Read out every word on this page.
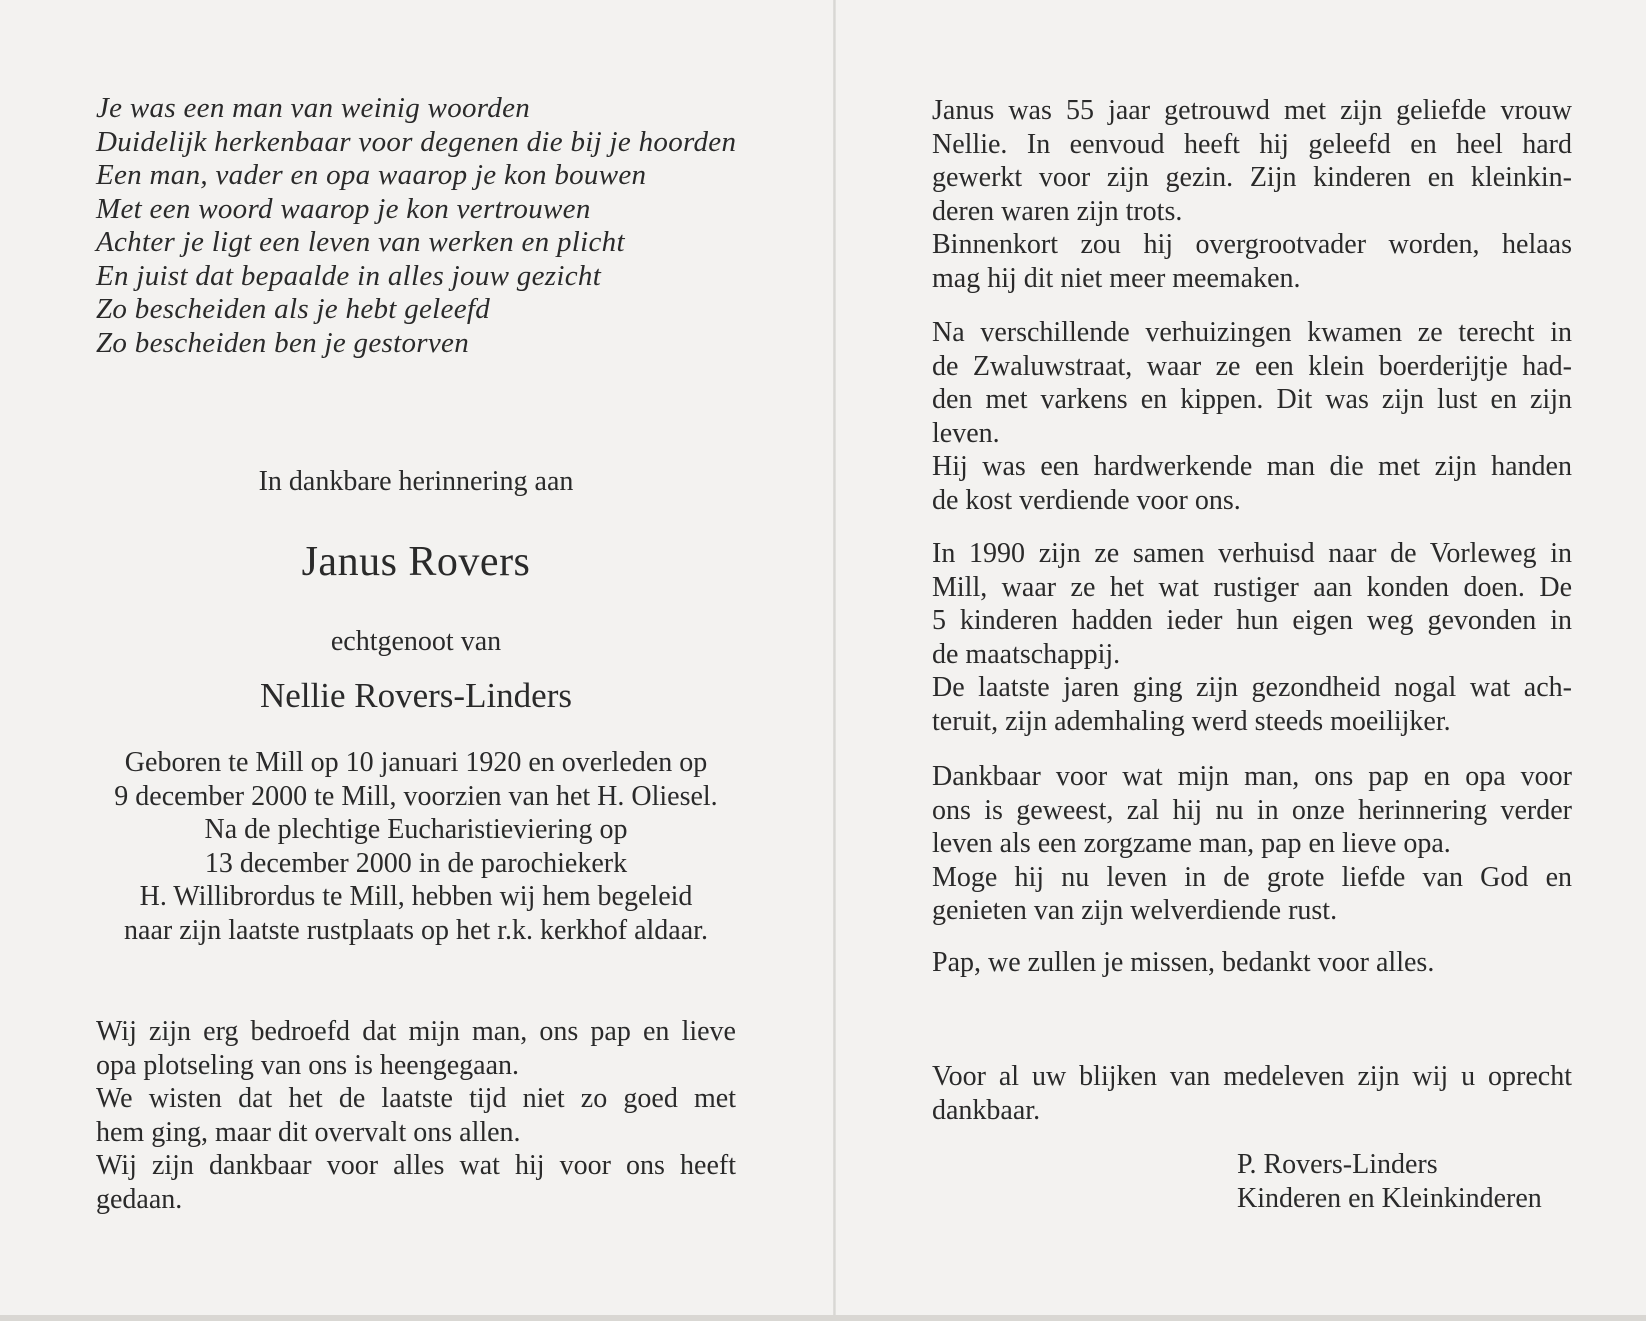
Je was een man van weinig woorden
Duidelijk herkenbaar voor degenen die bij je hoorden
Een man, vader en opa waarop je kon bouwen
Met een woord waarop je kon vertrouwen
Achter je ligt een leven van werken en plicht
En juist dat bepaalde in alles jouw gezicht
Zo bescheiden als je hebt geleefd
Zo bescheiden ben je gestorven
In dankbare herinnering aan
Janus Rovers
echtgenoot van
Nellie Rovers-Linders
Geboren te Mill op 10 januari 1920 en overleden op
9 december 2000 te Mill, voorzien van het H. Oliesel.
Na de plechtige Eucharistieviering op
13 december 2000 in de parochiekerk
H. Willibrordus te Mill, hebben wij hem begeleid
naar zijn laatste rustplaats op het r.k. kerkhof aldaar.
Wij zijn erg bedroefd dat mijn man, ons pap en lieve
opa plotseling van ons is heengegaan.
We wisten dat het de laatste tijd niet zo goed met
hem ging, maar dit overvalt ons allen.
Wij zijn dankbaar voor alles wat hij voor ons heeft
gedaan.
Janus was 55 jaar getrouwd met zijn geliefde vrouw
Nellie. In eenvoud heeft hij geleefd en heel hard
gewerkt voor zijn gezin. Zijn kinderen en kleinkin-
deren waren zijn trots.
Binnenkort zou hij overgrootvader worden, helaas
mag hij dit niet meer meemaken.
Na verschillende verhuizingen kwamen ze terecht in
de Zwaluwstraat, waar ze een klein boerderijtje had-
den met varkens en kippen. Dit was zijn lust en zijn
leven.
Hij was een hardwerkende man die met zijn handen
de kost verdiende voor ons.
In 1990 zijn ze samen verhuisd naar de Vorleweg in
Mill, waar ze het wat rustiger aan konden doen. De
5 kinderen hadden ieder hun eigen weg gevonden in
de maatschappij.
De laatste jaren ging zijn gezondheid nogal wat ach-
teruit, zijn ademhaling werd steeds moeilijker.
Dankbaar voor wat mijn man, ons pap en opa voor
ons is geweest, zal hij nu in onze herinnering verder
leven als een zorgzame man, pap en lieve opa.
Moge hij nu leven in de grote liefde van God en
genieten van zijn welverdiende rust.
Pap, we zullen je missen, bedankt voor alles.
Voor al uw blijken van medeleven zijn wij u oprecht
dankbaar.
P. Rovers-Linders
Kinderen en Kleinkinderen
